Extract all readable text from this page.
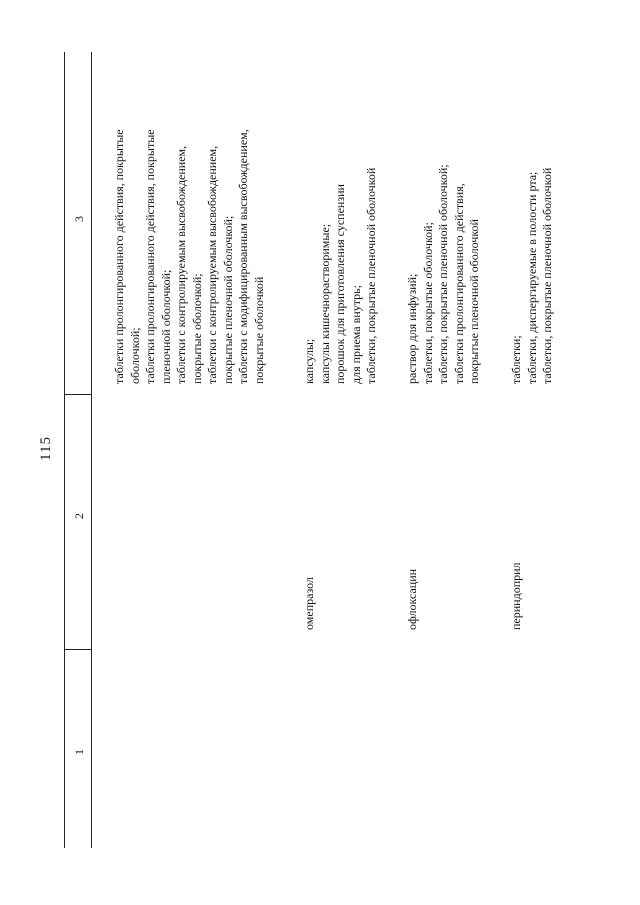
115
1
2
3 таблетки пролонгированного действия, покрытые оболочкой; таблетки пролонгированного действия, покрытые пленочной оболочкой; таблетки с контролируемым высвобождением, покрытые оболочкой; таблетки с контролируемым высвобождением, покрытые пленочной оболочкой; таблетки с модифицированным высвобождением, покрытые оболочкой
омепразол
капсулы; капсулы кишечнорастворимые; порошок для приготовления суспензии для приема внутрь; таблетки, покрытые пленочной оболочкой
офлоксацин
раствор для инфузий; таблетки, покрытые оболочкой; таблетки, покрытые пленочной оболочкой; таблетки пролонгированного действия, покрытые пленочной оболочкой
периндоприл
таблетки; таблетки, диспергируемые в полости рта; таблетки, покрытые пленочной оболочкой
